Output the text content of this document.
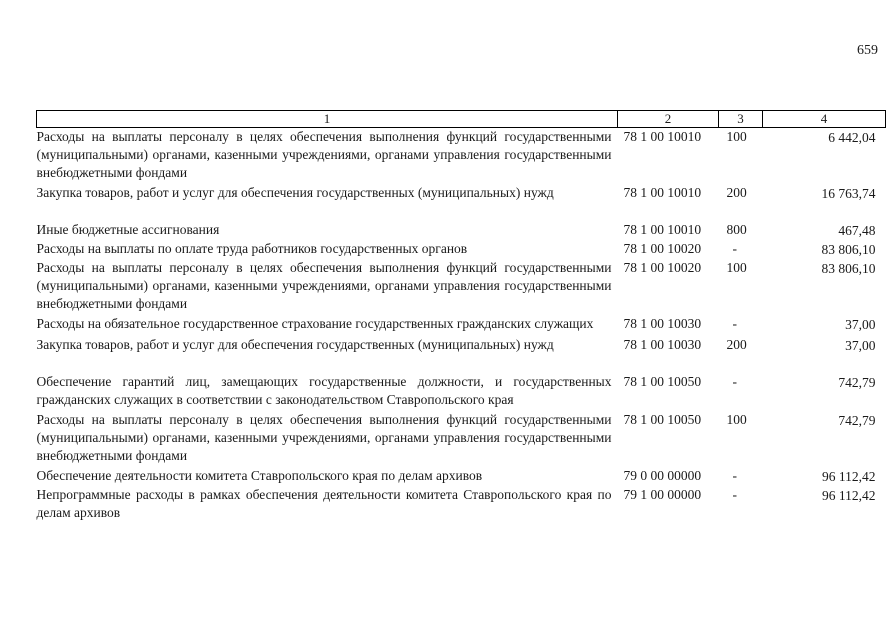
659
1	2	3	4
Расходы на выплаты персоналу в целях обеспечения выполнения функций государственными (муниципальными) органами, казенными учреждениями, органами управления государственными внебюджетными фондами	78 1 00 10010	100	6 442,04
Закупка товаров, работ и услуг для обеспечения государственных (муниципальных) нужд	78 1 00 10010	200	16 763,74
Иные бюджетные ассигнования	78 1 00 10010	800	467,48
Расходы на выплаты по оплате труда работников государственных органов	78 1 00 10020	-	83 806,10
Расходы на выплаты персоналу в целях обеспечения выполнения функций государственными (муниципальными) органами, казенными учреждениями, органами управления государственными внебюджетными фондами	78 1 00 10020	100	83 806,10
Расходы на обязательное государственное страхование государственных гражданских служащих	78 1 00 10030	-	37,00
Закупка товаров, работ и услуг для обеспечения государственных (муниципальных) нужд	78 1 00 10030	200	37,00
Обеспечение гарантий лиц, замещающих государственные должности, и государственных гражданских служащих в соответствии с законодательством Ставропольского края	78 1 00 10050	-	742,79
Расходы на выплаты персоналу в целях обеспечения выполнения функций государственными (муниципальными) органами, казенными учреждениями, органами управления государственными внебюджетными фондами	78 1 00 10050	100	742,79
Обеспечение деятельности комитета Ставропольского края по делам архивов	79 0 00 00000	-	96 112,42
Непрограммные расходы в рамках обеспечения деятельности комитета Ставропольского края по делам архивов	79 1 00 00000	-	96 112,42
